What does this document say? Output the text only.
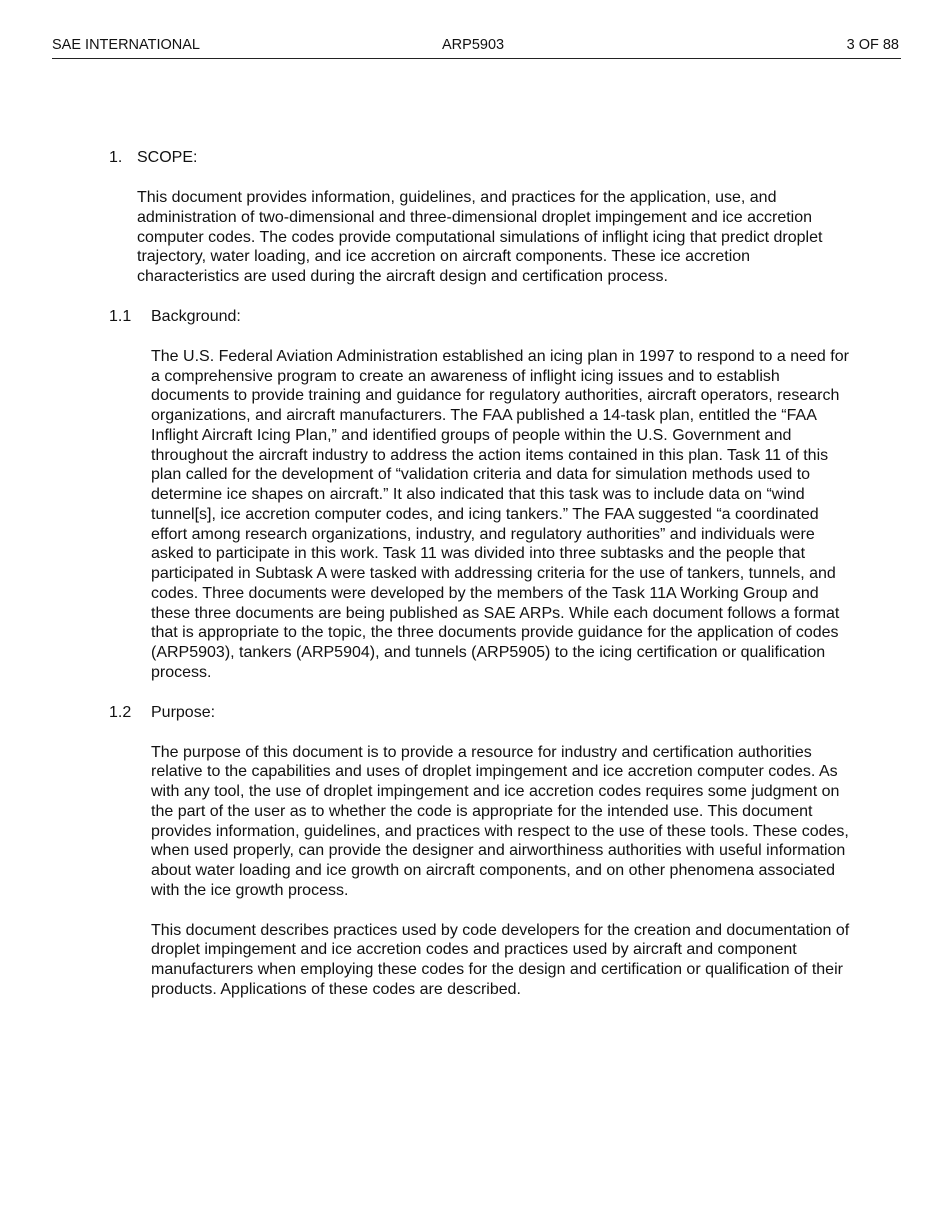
SAE INTERNATIONAL	ARP5903	3 OF 88
1. SCOPE:

This document provides information, guidelines, and practices for the application, use, and administration of two-dimensional and three-dimensional droplet impingement and ice accretion computer codes. The codes provide computational simulations of inflight icing that predict droplet trajectory, water loading, and ice accretion on aircraft components. These ice accretion characteristics are used during the aircraft design and certification process.

1.1 Background:

The U.S. Federal Aviation Administration established an icing plan in 1997 to respond to a need for a comprehensive program to create an awareness of inflight icing issues and to establish documents to provide training and guidance for regulatory authorities, aircraft operators, research organizations, and aircraft manufacturers. The FAA published a 14-task plan, entitled the “FAA Inflight Aircraft Icing Plan,” and identified groups of people within the U.S. Government and throughout the aircraft industry to address the action items contained in this plan. Task 11 of this plan called for the development of “validation criteria and data for simulation methods used to determine ice shapes on aircraft.” It also indicated that this task was to include data on “wind tunnel[s], ice accretion computer codes, and icing tankers.” The FAA suggested “a coordinated effort among research organizations, industry, and regulatory authorities” and individuals were asked to participate in this work. Task 11 was divided into three subtasks and the people that participated in Subtask A were tasked with addressing criteria for the use of tankers, tunnels, and codes. Three documents were developed by the members of the Task 11A Working Group and these three documents are being published as SAE ARPs. While each document follows a format that is appropriate to the topic, the three documents provide guidance for the application of codes (ARP5903), tankers (ARP5904), and tunnels (ARP5905) to the icing certification or qualification process.

1.2 Purpose:

The purpose of this document is to provide a resource for industry and certification authorities relative to the capabilities and uses of droplet impingement and ice accretion computer codes. As with any tool, the use of droplet impingement and ice accretion codes requires some judgment on the part of the user as to whether the code is appropriate for the intended use. This document provides information, guidelines, and practices with respect to the use of these tools. These codes, when used properly, can provide the designer and airworthiness authorities with useful information about water loading and ice growth on aircraft components, and on other phenomena associated with the ice growth process.

This document describes practices used by code developers for the creation and documentation of droplet impingement and ice accretion codes and practices used by aircraft and component manufacturers when employing these codes for the design and certification or qualification of their products. Applications of these codes are described.
